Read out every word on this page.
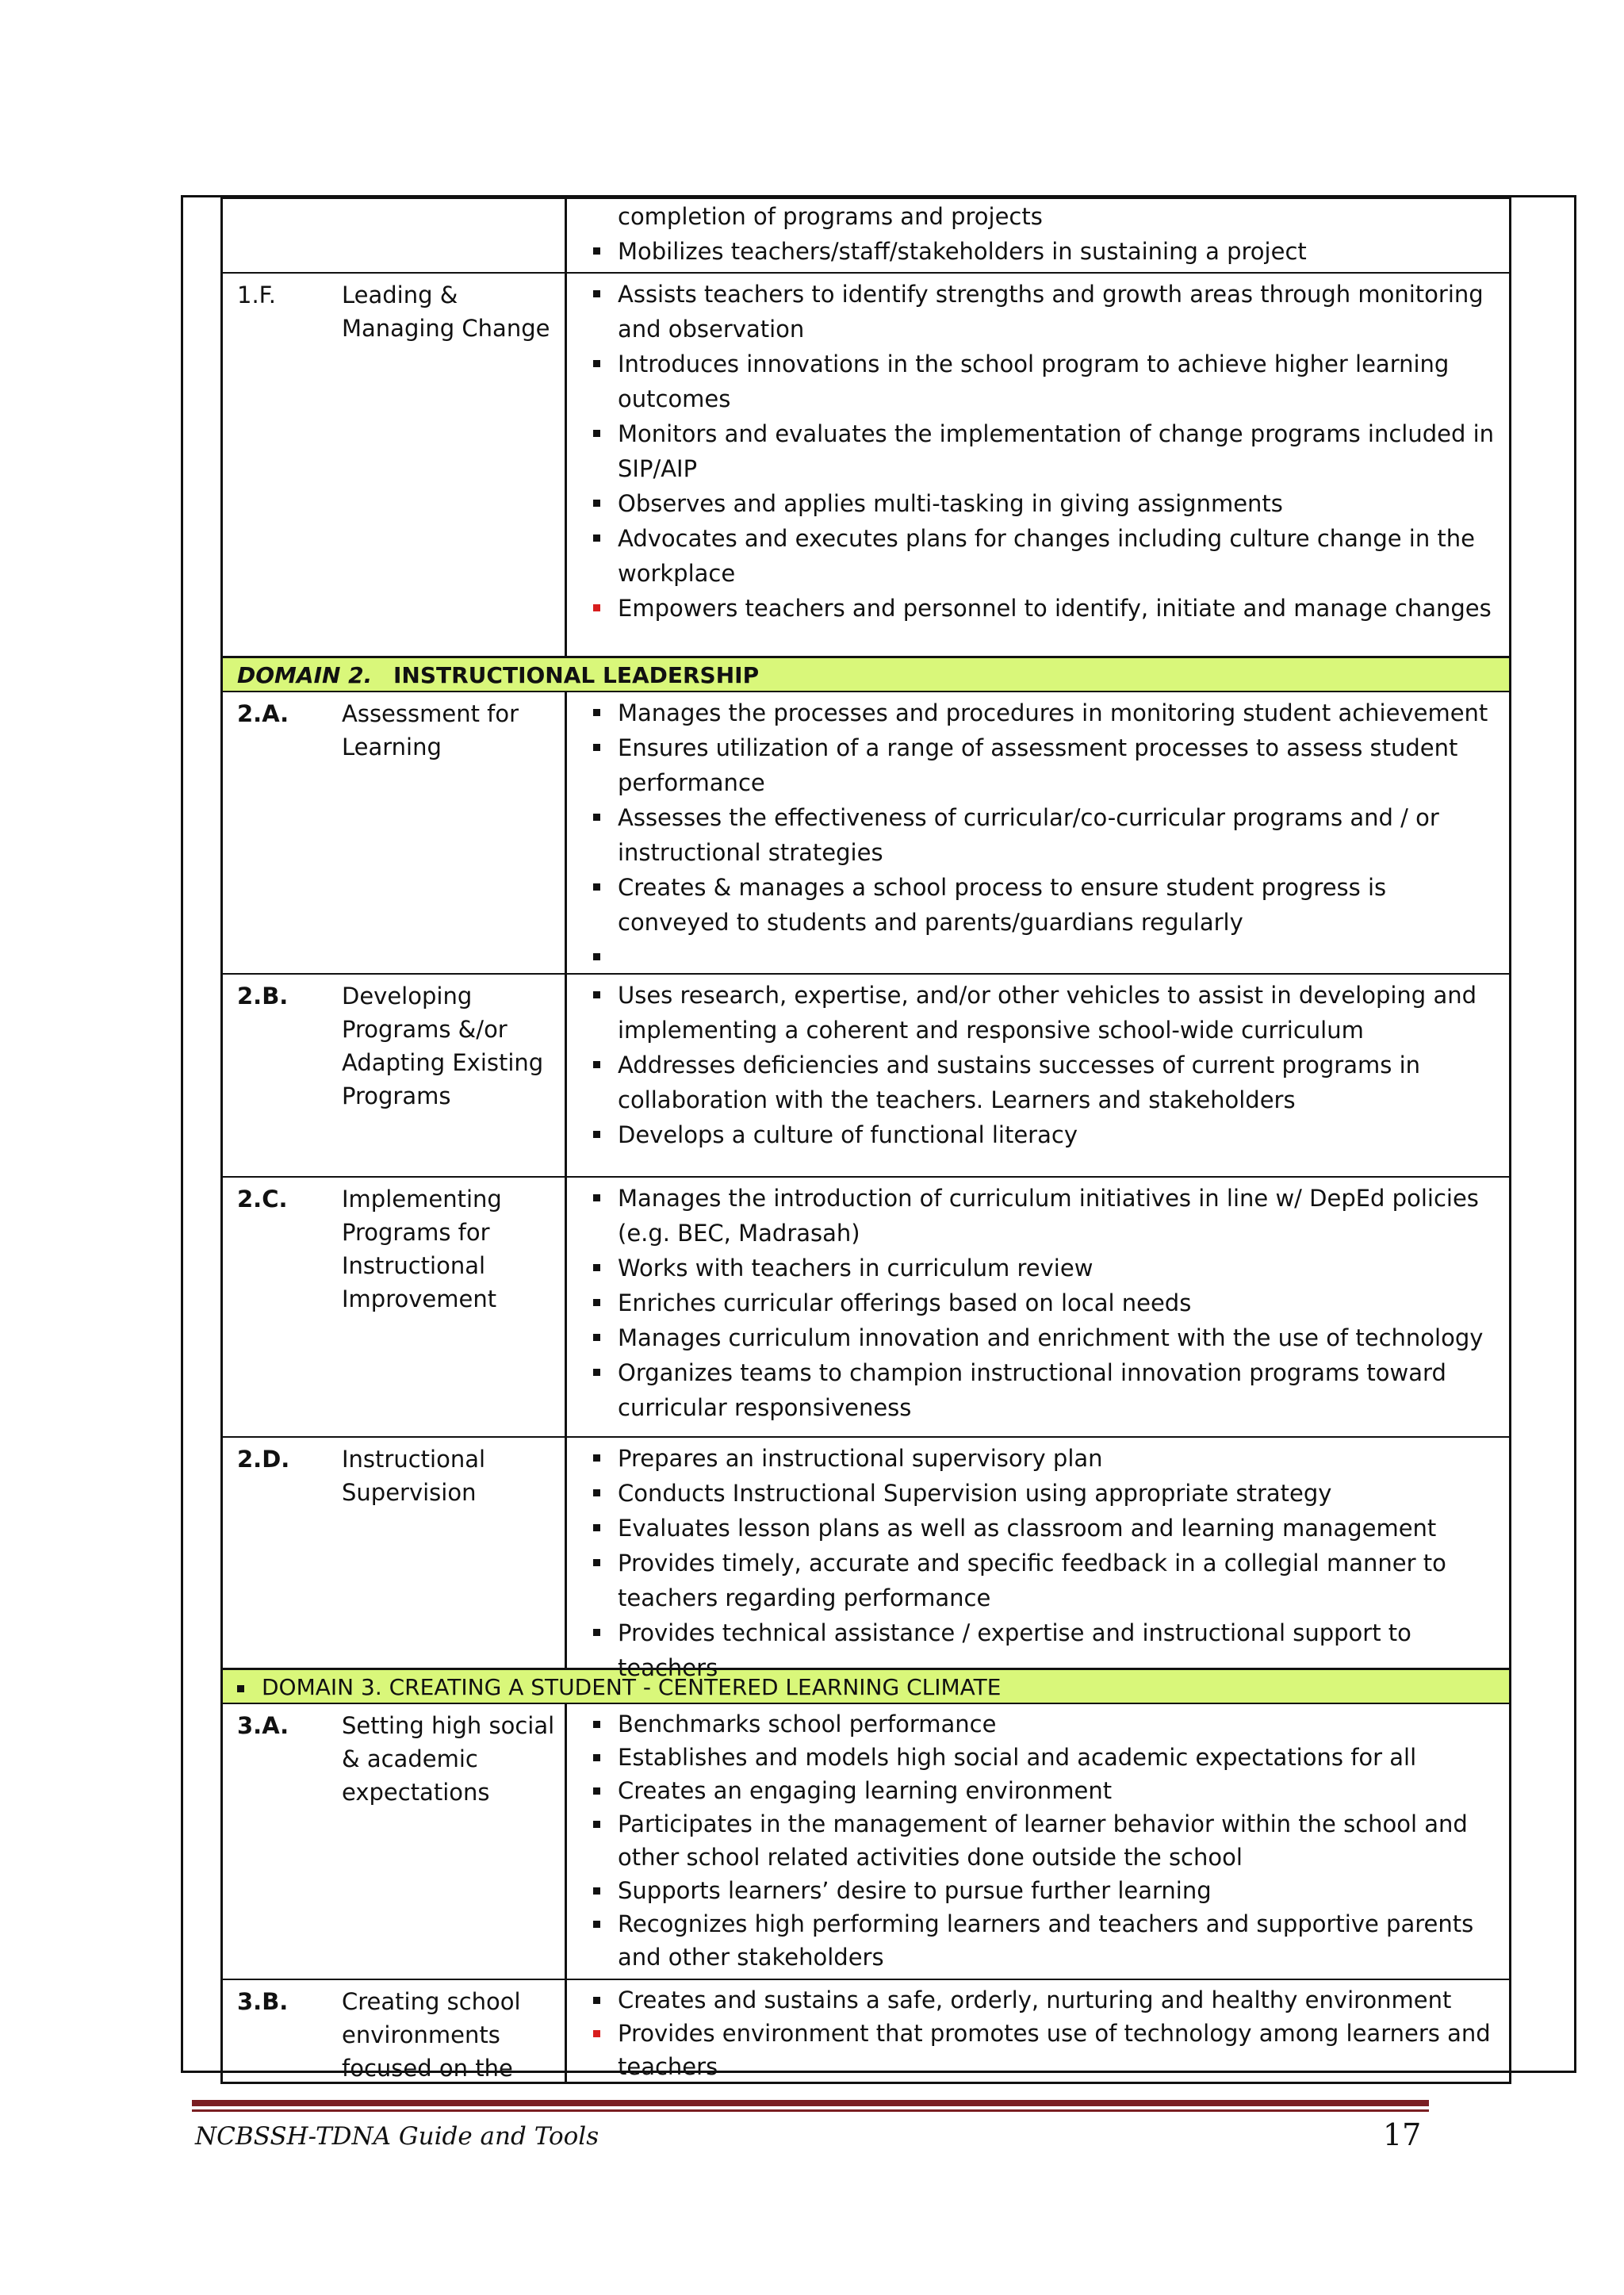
completion of programs and projects
Mobilizes teachers/staff/stakeholders in sustaining a project
1.F.	Leading & Managing Change
Assists teachers to identify strengths and growth areas through monitoring and observation
Introduces innovations in the school program to achieve higher learning outcomes
Monitors and evaluates the implementation of change programs included in SIP/AIP
Observes and applies multi-tasking in giving assignments
Advocates and executes plans for changes including culture change in the workplace
Empowers teachers and personnel to identify, initiate and manage changes
DOMAIN 2. INSTRUCTIONAL LEADERSHIP
2.A. Assessment for Learning
Manages the processes and procedures in monitoring student achievement
Ensures utilization of a range of assessment processes to assess student performance
Assesses the effectiveness of curricular/co-curricular programs and / or instructional strategies
Creates & manages a school process to ensure student progress is conveyed to students and parents/guardians regularly
2.B. Developing Programs &/or Adapting Existing Programs
Uses research, expertise, and/or other vehicles to assist in developing and implementing a coherent and responsive school-wide curriculum
Addresses deficiencies and sustains successes of current programs in collaboration with the teachers. Learners and stakeholders
Develops a culture of functional literacy
2.C. Implementing Programs for Instructional Improvement
Manages the introduction of curriculum initiatives in line w/ DepEd policies (e.g. BEC, Madrasah)
Works with teachers in curriculum review
Enriches curricular offerings based on local needs
Manages curriculum innovation and enrichment with the use of technology
Organizes teams to champion instructional innovation programs toward curricular responsiveness
2.D. Instructional Supervision
Prepares an instructional supervisory plan
Conducts Instructional Supervision using appropriate strategy
Evaluates lesson plans as well as classroom and learning management
Provides timely, accurate and specific feedback in a collegial manner to teachers regarding performance
Provides technical assistance / expertise and instructional support to teachers
DOMAIN 3. CREATING A STUDENT - CENTERED LEARNING CLIMATE
3.A. Setting high social & academic expectations
Benchmarks school performance
Establishes and models high social and academic expectations for all
Creates an engaging learning environment
Participates in the management of learner behavior within the school and other school related activities done outside the school
Supports learners’ desire to pursue further learning
Recognizes high performing learners and teachers and supportive parents and other stakeholders
3.B. Creating school environments focused on the
Creates and sustains a safe, orderly, nurturing and healthy environment
Provides environment that promotes use of technology among learners and teachers
NCBSSH-TDNA Guide and Tools	17
